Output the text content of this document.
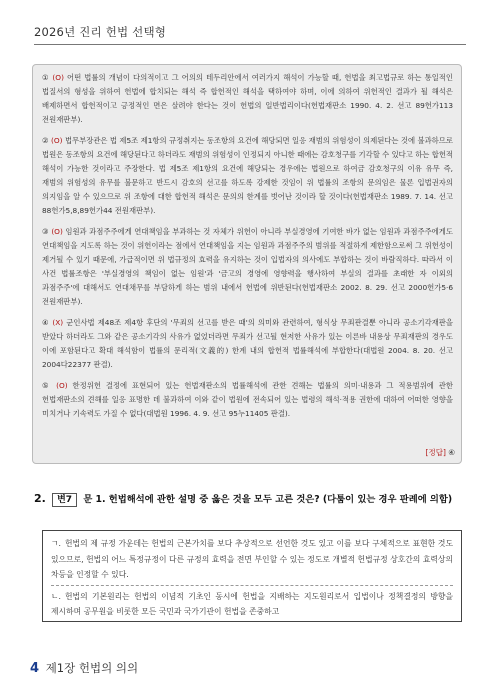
2026년 진리 헌법 선택형

① (O) 어떤 법률의 개념이 다의적이고 그 어의의 테두리안에서 여러가지 해석이 가능할 때, 헌법을 최고법규로 하는 통일적인 법질서의 형성을 위하여 헌법에 합치되는 해석 즉 합헌적인 해석을 택하여야 하며, 이에 의하여 위헌적인 결과가 될 해석은 배제하면서 합헌적이고 긍정적인 면은 살려야 한다는 것이 헌법의 일반법리이다(헌법재판소 1990. 4. 2. 선고 89헌가113 전원재판부).

② (O) 법무부장관은 법 제5조 제1항의 규정취지는 동조항의 요건에 해당되면 일응 재범의 위험성이 의제된다는 것에 불과하므로 법원은 동조항의 요건에 해당된다고 하더라도 재범의 위험성이 인정되지 아니한 때에는 감호청구를 기각할 수 있다고 하는 합헌적 해석이 가능한 것이라고 주장한다. 법 제5조 제1항의 요건에 해당되는 경우에는 법원으로 하여금 감호청구의 이유 유무 즉, 재범의 위험성의 유무를 불문하고 반드시 감호의 선고를 하도록 강제한 것임이 위 법률의 조항의 문의임은 물론 입법권자의 의지임을 알 수 있으므로 위 조항에 대한 합헌적 해석은 문의의 한계를 벗어난 것이라 할 것이다(헌법재판소 1989. 7. 14. 선고 88헌가5,8,89헌가44 전원재판부).

③ (O) 임원과 과점주주에게 연대책임을 부과하는 것 자체가 위헌이 아니라 부실경영에 기여한 바가 없는 임원과 과점주주에게도 연대책임을 지도록 하는 것이 위헌이라는 점에서 연대책임을 지는 임원과 과점주주의 범위를 적절하게 제한함으로써 그 위헌성이 제거될 수 있기 때문에, 가급적이면 위 법규정의 효력을 유지하는 것이 입법자의 의사에도 부합하는 것이 바람직하다. 따라서 이 사건 법률조항은 '부실경영의 책임이 없는 임원'과 '금고의 경영에 영향력을 행사하여 부실의 결과를 초래한 자 이외의 과점주주'에 대해서도 연대채무를 부담하게 하는 범위 내에서 헌법에 위반된다(헌법재판소 2002. 8. 29. 선고 2000헌가5·6 전원재판부).

④ (X) 군인사법 제48조 제4항 후단의 '무죄의 선고를 받은 때'의 의미와 관련하여, 형식상 무죄판결뿐 아니라 공소기각재판을 받았다 하더라도 그와 같은 공소기각의 사유가 없었더라면 무죄가 선고될 현저한 사유가 있는 이른바 내용상 무죄재판의 경우도 이에 포함된다고 확대 해석함이 법률의 문리적(文義的) 한계 내의 합헌적 법률해석에 부합한다(대법원 2004. 8. 20. 선고 2004다22377 판결).

⑤ (O) 한정위헌 결정에 표현되어 있는 헌법재판소의 법률해석에 관한 견해는 법률의 의미·내용과 그 적용범위에 관한 헌법재판소의 견해를 일응 표명한 데 불과하여 이와 같이 법원에 전속되어 있는 법령의 해석·적용 권한에 대하여 어떠한 영향을 미치거나 기속력도 가질 수 없다(대법원 1996. 4. 9. 선고 95누11405 판결).

[정답] ④
2. 변7 문 1. 헌법해석에 관한 설명 중 옳은 것을 모두 고른 것은? (다툼이 있는 경우 판례에 의함)
ㄱ. 헌법의 제 규정 가운데는 헌법의 근본가치를 보다 추상적으로 선언한 것도 있고 이를 보다 구체적으로 표현한 것도 있으므로, 헌법의 어느 특정규정이 다른 규정의 효력을 전면 부인할 수 있는 정도로 개별적 헌법규정 상호간의 효력상의 차등을 인정할 수 있다.
ㄴ. 헌법의 기본원리는 헌법의 이념적 기초인 동시에 헌법을 지배하는 지도원리로서 입법이나 정책결정의 방향을 제시하며 공무원을 비롯한 모든 국민과 국가기관이 헌법을 존중하고
4 제1장 헌법의 의의
